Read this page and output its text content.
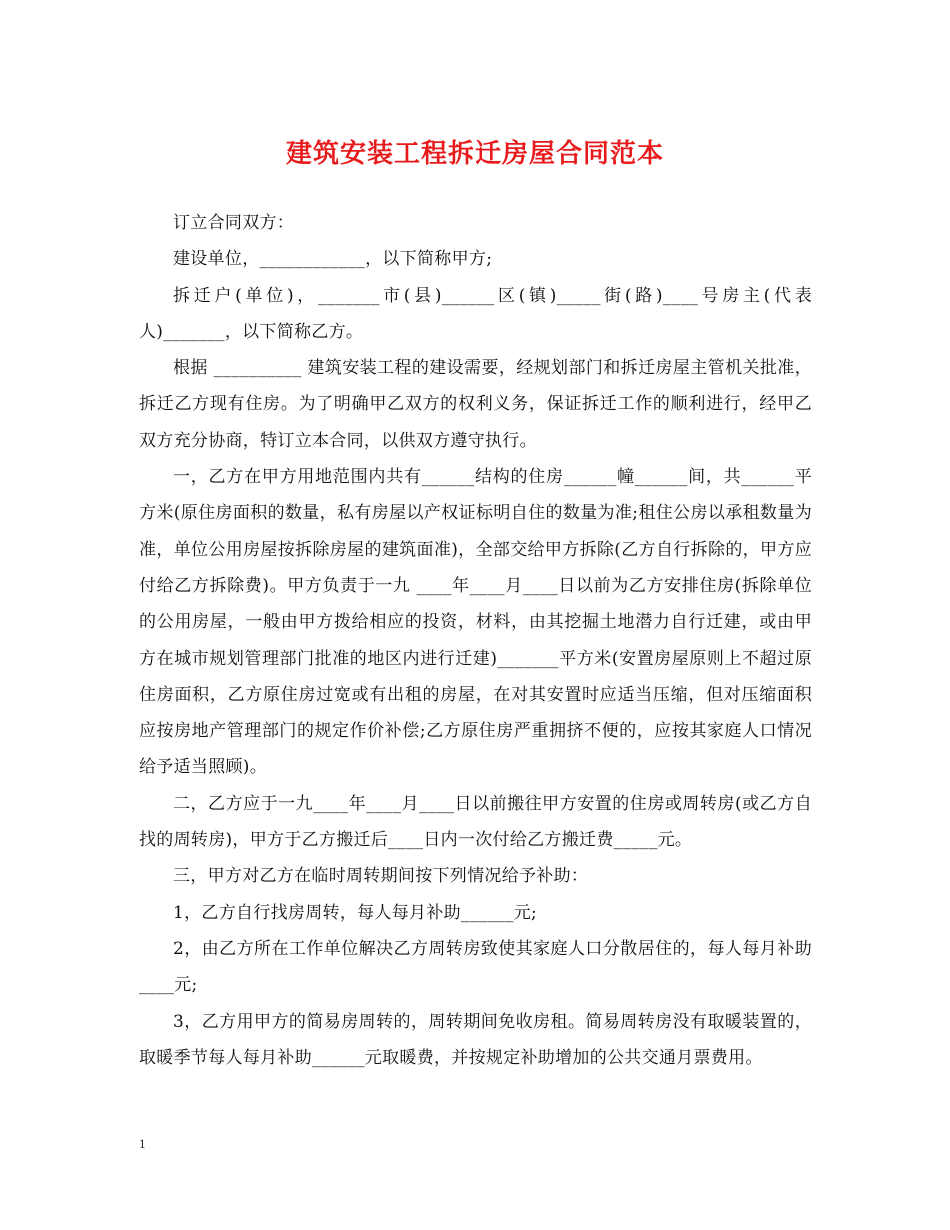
建筑安装工程拆迁房屋合同范本

订立合同双方：

建设单位，____________，以下简称甲方;

拆迁户(单位)，_______市(县)______区(镇)_____街(路)____号房主(代表人)_______，以下简称乙方。

根据 __________ 建筑安装工程的建设需要，经规划部门和拆迁房屋主管机关批准，拆迁乙方现有住房。为了明确甲乙双方的权利义务，保证拆迁工作的顺利进行，经甲乙双方充分协商，特订立本合同，以供双方遵守执行。

一，乙方在甲方用地范围内共有______结构的住房______幢______间，共______平方米(原住房面积的数量，私有房屋以产权证标明自住的数量为准;租住公房以承租数量为准，单位公用房屋按拆除房屋的建筑面准)，全部交给甲方拆除(乙方自行拆除的，甲方应付给乙方拆除费)。甲方负责于一九 ____年____月____日以前为乙方安排住房(拆除单位的公用房屋，一般由甲方拨给相应的投资，材料，由其挖掘土地潜力自行迁建，或由甲方在城市规划管理部门批准的地区内进行迁建)_______平方米(安置房屋原则上不超过原住房面积，乙方原住房过宽或有出租的房屋，在对其安置时应适当压缩，但对压缩面积应按房地产管理部门的规定作价补偿;乙方原住房严重拥挤不便的，应按其家庭人口情况给予适当照顾)。

二，乙方应于一九____年____月____日以前搬往甲方安置的住房或周转房(或乙方自找的周转房)，甲方于乙方搬迁后____日内一次付给乙方搬迁费_____元。

三，甲方对乙方在临时周转期间按下列情况给予补助：

1，乙方自行找房周转，每人每月补助______元;

2，由乙方所在工作单位解决乙方周转房致使其家庭人口分散居住的，每人每月补助____元;

3，乙方用甲方的简易房周转的，周转期间免收房租。简易周转房没有取暖装置的，取暖季节每人每月补助______元取暖费，并按规定补助增加的公共交通月票费用。

1
